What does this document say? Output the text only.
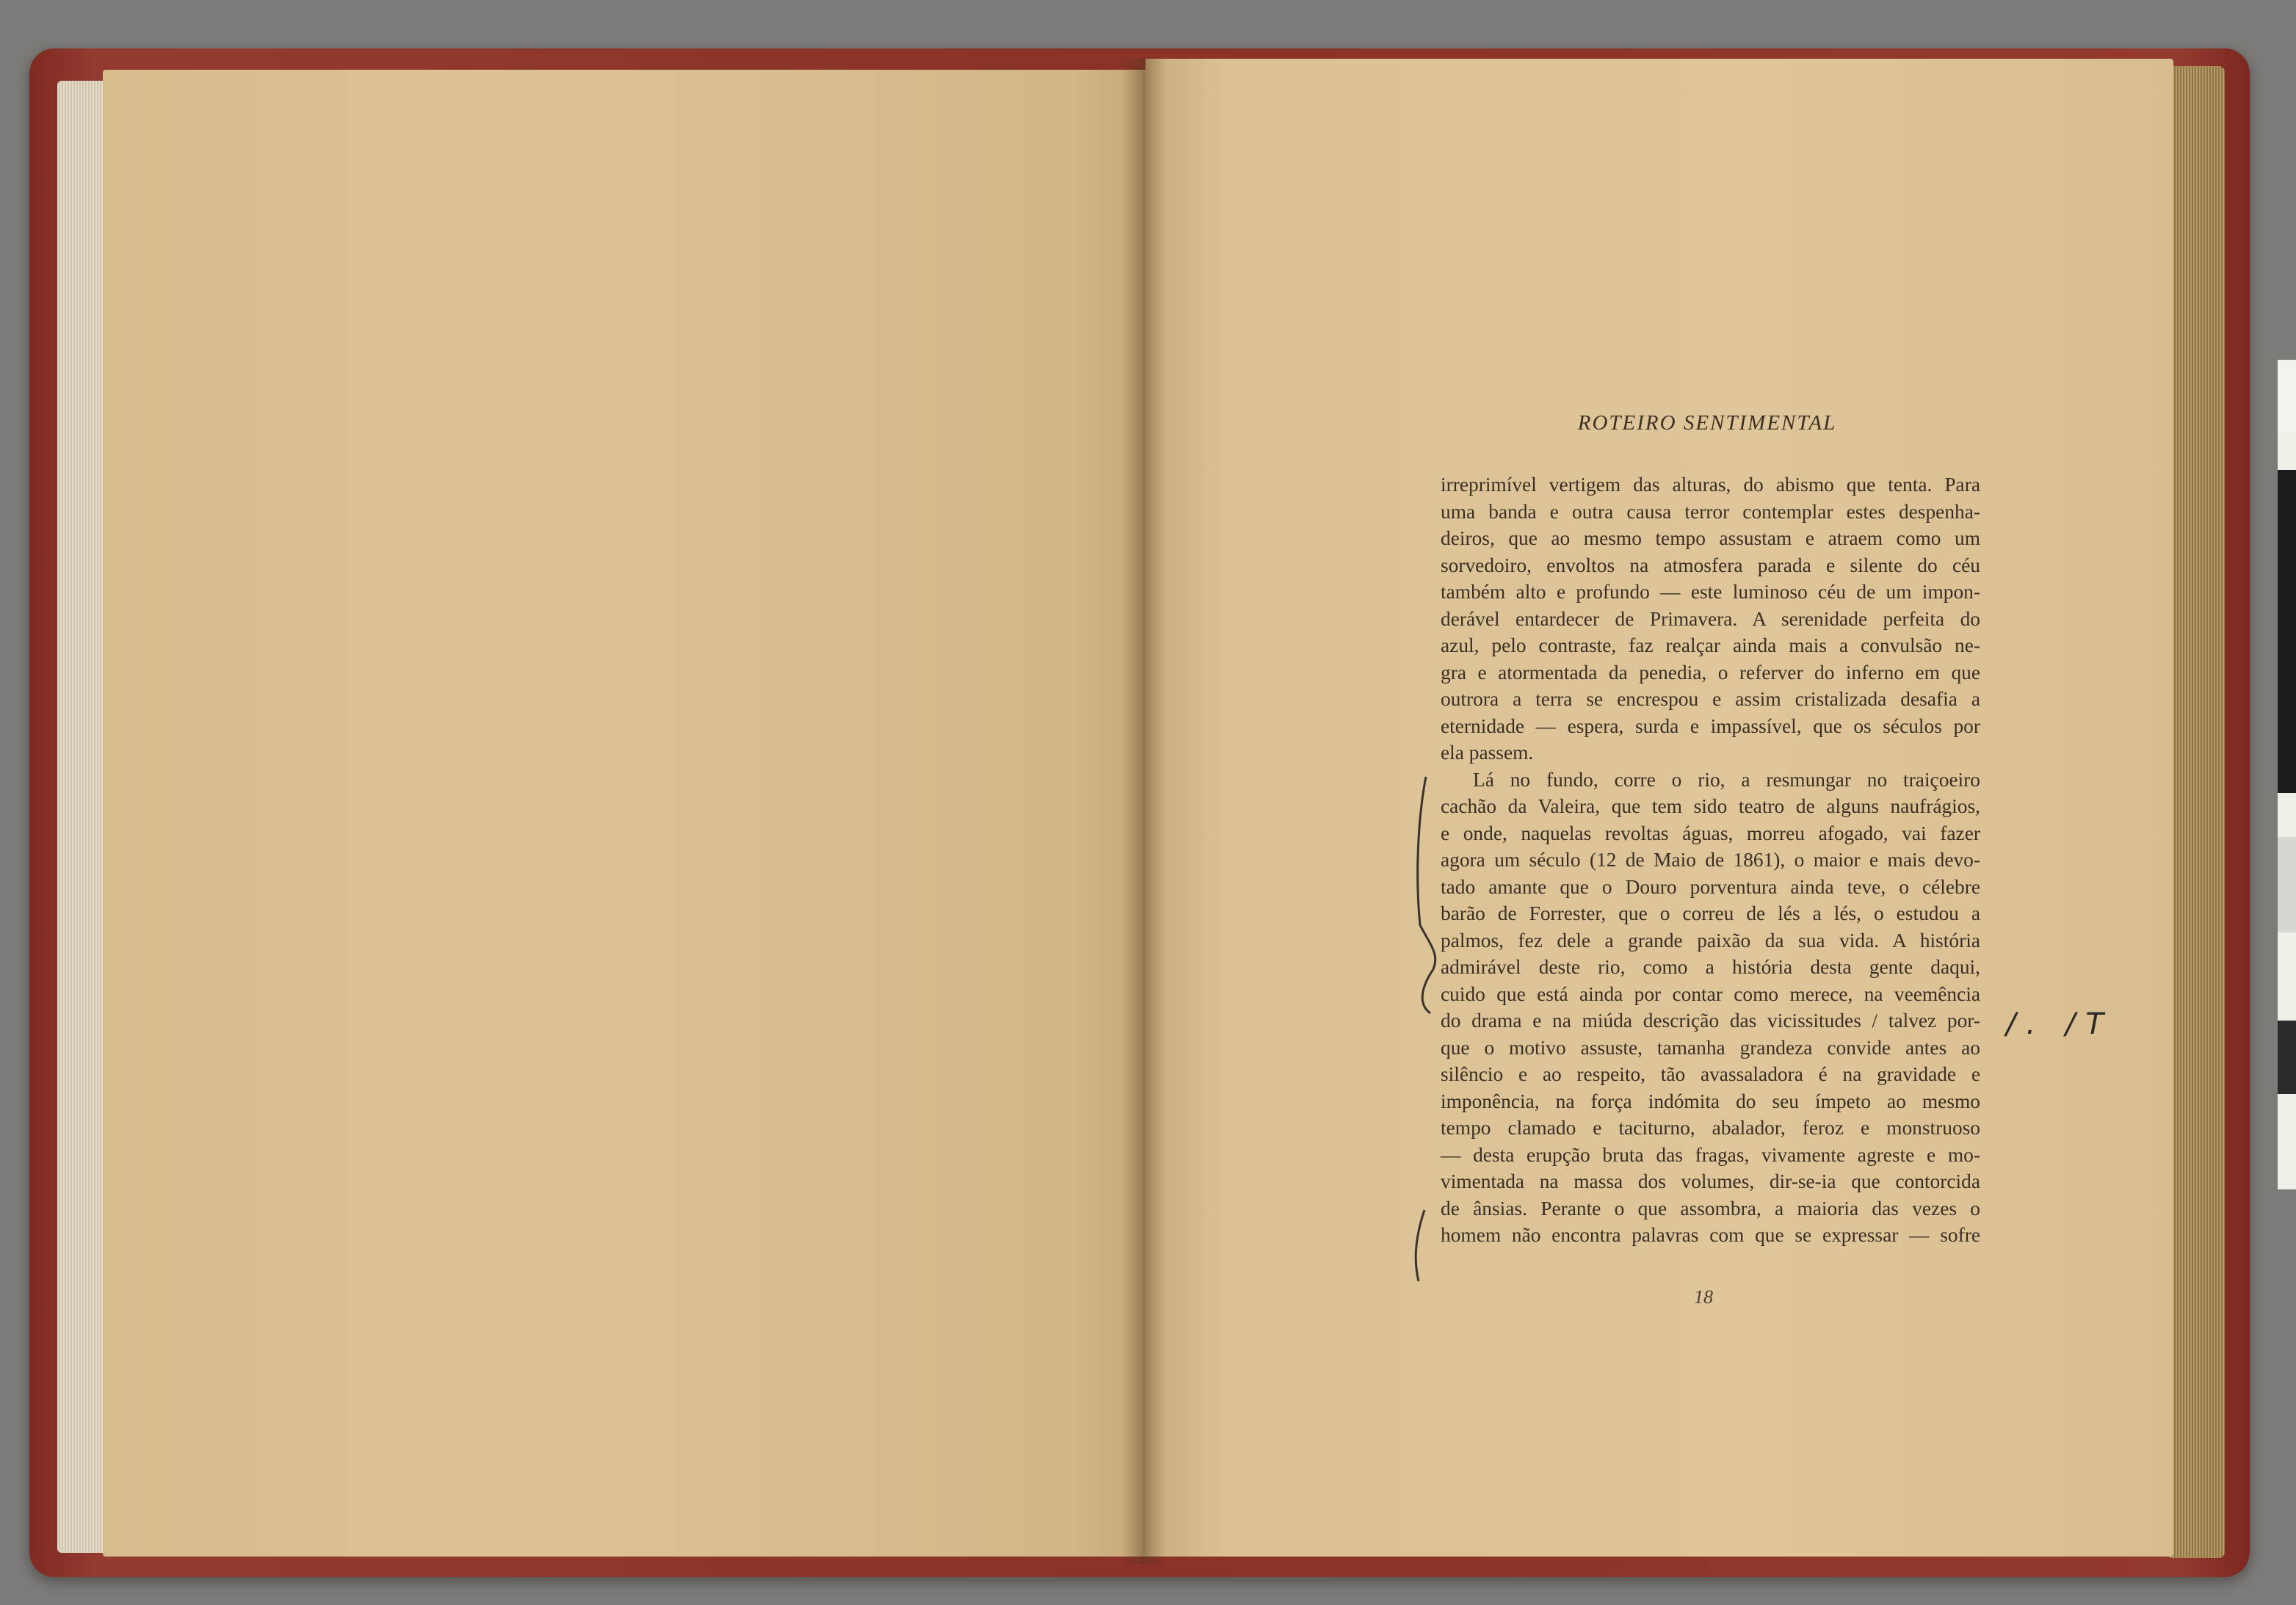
ROTEIRO SENTIMENTAL
irreprimível vertigem das alturas, do abismo que tenta. Para
uma banda e outra causa terror contemplar estes despenha-
deiros, que ao mesmo tempo assustam e atraem como um
sorvedoiro, envoltos na atmosfera parada e silente do céu
também alto e profundo — este luminoso céu de um impon-
derável entardecer de Primavera. A serenidade perfeita do
azul, pelo contraste, faz realçar ainda mais a convulsão ne-
gra e atormentada da penedia, o referver do inferno em que
outrora a terra se encrespou e assim cristalizada desafia a
eternidade — espera, surda e impassível, que os séculos por
ela passem.
Lá no fundo, corre o rio, a resmungar no traiçoeiro
cachão da Valeira, que tem sido teatro de alguns naufrágios,
e onde, naquelas revoltas águas, morreu afogado, vai fazer
agora um século (12 de Maio de 1861), o maior e mais devo-
tado amante que o Douro porventura ainda teve, o célebre
barão de Forrester, que o correu de lés a lés, o estudou a
palmos, fez dele a grande paixão da sua vida. A história
admirável deste rio, como a história desta gente daqui,
cuido que está ainda por contar como merece, na veemência
do drama e na miúda descrição das vicissitudes / talvez por-
que o motivo assuste, tamanha grandeza convide antes ao
silêncio e ao respeito, tão avassaladora é na gravidade e
imponência, na força indómita do seu ímpeto ao mesmo
tempo clamado e taciturno, abalador, feroz e monstruoso
— desta erupção bruta das fragas, vivamente agreste e mo-
vimentada na massa dos volumes, dir-se-ia que contorcida
de ânsias. Perante o que assombra, a maioria das vezes o
homem não encontra palavras com que se expressar — sofre
18
/. /T
